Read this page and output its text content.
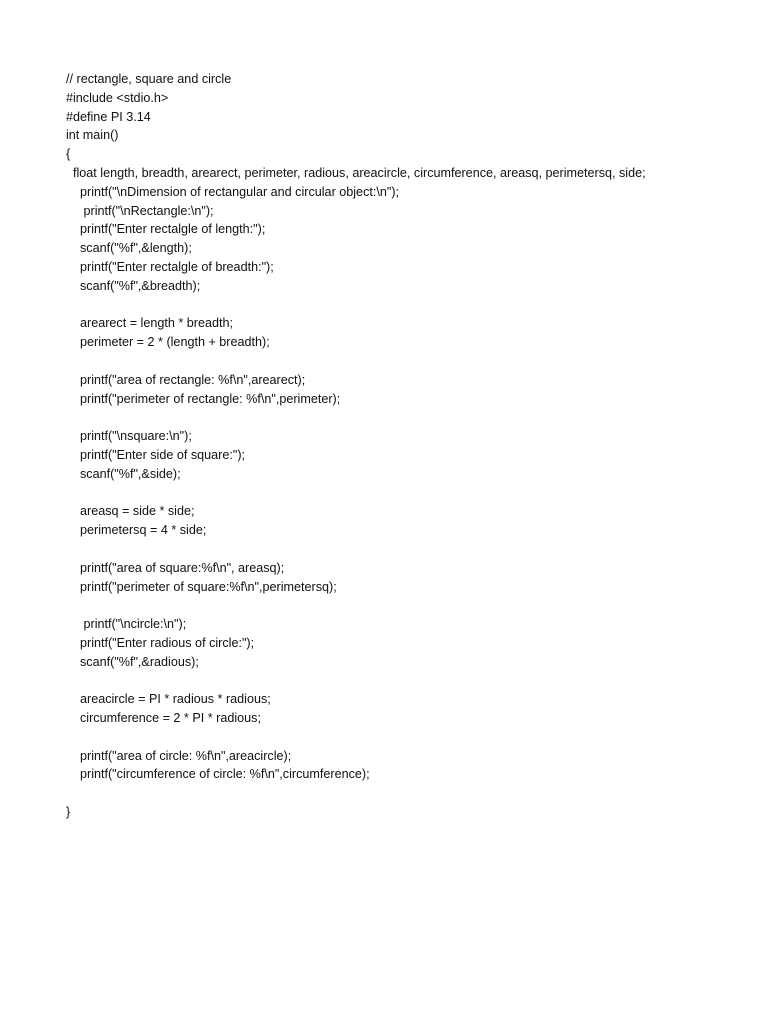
// rectangle, square and circle
#include <stdio.h>
#define PI 3.14
int main()
{
float length, breadth, arearect, perimeter, radious, areacircle, circumference, areasq, perimetersq, side;
printf("\nDimension of rectangular and circular object:\n");
printf("\nRectangle:\n");
printf("Enter rectalgle of length:");
scanf("%f",&length);
printf("Enter rectalgle of breadth:");
scanf("%f",&breadth);
arearect = length * breadth;
perimeter = 2 * (length + breadth);
printf("area of rectangle: %f\n",arearect);
printf("perimeter of rectangle: %f\n",perimeter);
printf("\nsquare:\n");
printf("Enter side of square:");
scanf("%f",&side);
areasq = side * side;
perimetersq = 4 * side;
printf("area of square:%f\n", areasq);
printf("perimeter of square:%f\n",perimetersq);
printf("\ncircle:\n");
printf("Enter radious of circle:");
scanf("%f",&radious);
areacircle = PI * radious * radious;
circumference = 2 * PI * radious;
printf("area of circle: %f\n",areacircle);
printf("circumference of circle: %f\n",circumference);
}
